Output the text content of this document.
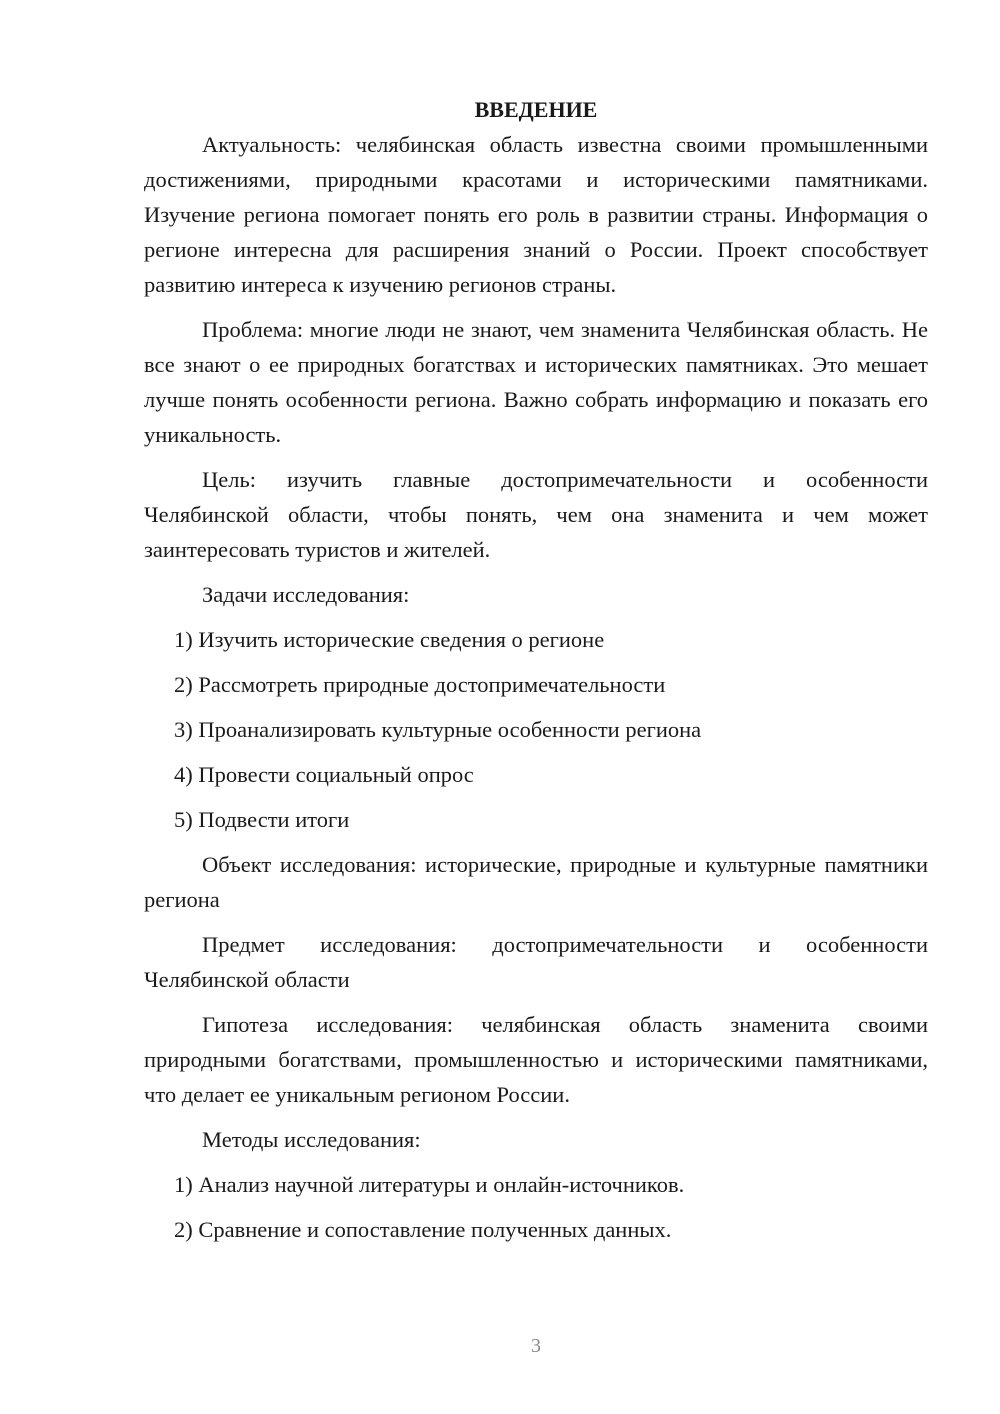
ВВЕДЕНИЕ

Актуальность: челябинская область известна своими промышленными достижениями, природными красотами и историческими памятниками. Изучение региона помогает понять его роль в развитии страны. Информация о регионе интересна для расширения знаний о России. Проект способствует развитию интереса к изучению регионов страны.

Проблема: многие люди не знают, чем знаменита Челябинская область. Не все знают о ее природных богатствах и исторических памятниках. Это мешает лучше понять особенности региона. Важно собрать информацию и показать его уникальность.

Цель: изучить главные достопримечательности и особенности Челябинской области, чтобы понять, чем она знаменита и чем может заинтересовать туристов и жителей.

Задачи исследования:

1) Изучить исторические сведения о регионе
2) Рассмотреть природные достопримечательности
3) Проанализировать культурные особенности региона
4) Провести социальный опрос
5) Подвести итоги

Объект исследования: исторические, природные и культурные памятники региона

Предмет исследования: достопримечательности и особенности Челябинской области

Гипотеза исследования: челябинская область знаменита своими природными богатствами, промышленностью и историческими памятниками, что делает ее уникальным регионом России.

Методы исследования:

1) Анализ научной литературы и онлайн-источников.
2) Сравнение и сопоставление полученных данных.
3
